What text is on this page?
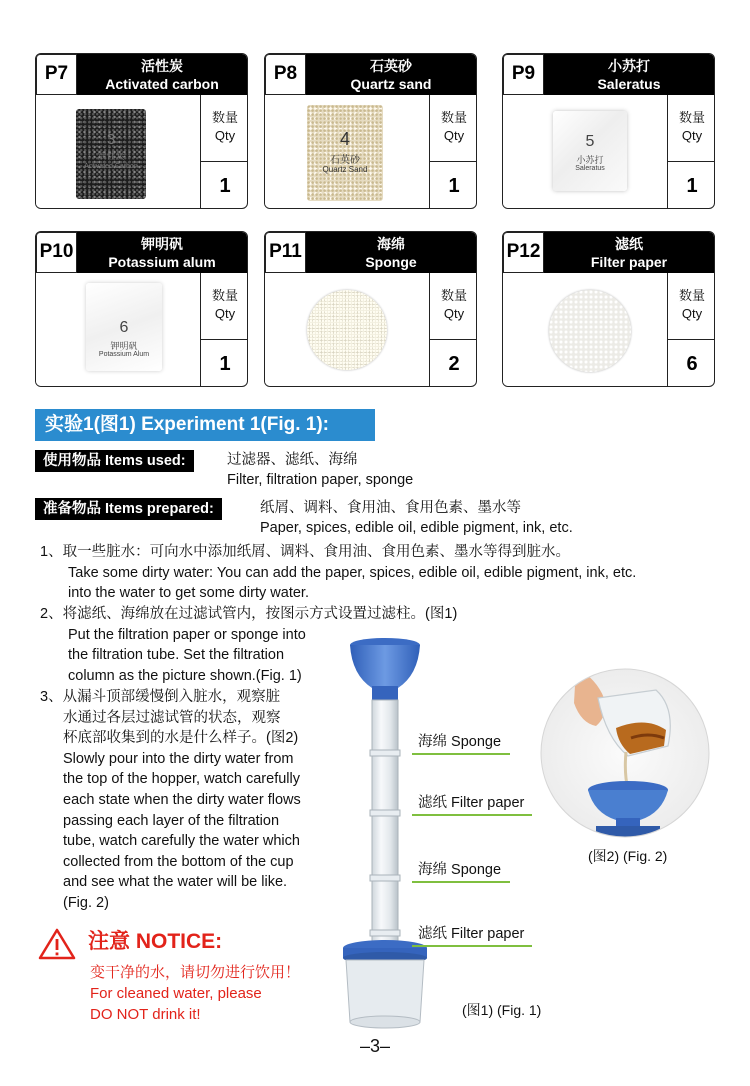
P7	活性炭
Activated carbon
3
活性炭
Activated Carbon
数量
Qty
1
P8	石英砂
Quartz sand
4
石英砂
Quartz Sand
数量
Qty
1
P9	小苏打
Saleratus
5
小苏打
Saleratus
数量
Qty
1
P10	钾明矾
Potassium alum
6
钾明矾
Potassium Alum
数量
Qty
1
P11	海绵
Sponge
数量
Qty
2
P12	滤纸
Filter paper
数量
Qty
6
实验1(图1) Experiment 1(Fig. 1):
使用物品 Items used:	过滤器、滤纸、海绵
Filter, filtration paper, sponge
准备物品 Items prepared:	纸屑、调料、食用油、食用色素、墨水等
Paper, spices, edible oil, edible pigment, ink, etc.
1、取一些脏水：可向水中添加纸屑、调料、食用油、食用色素、墨水等得到脏水。
Take some dirty water: You can add the paper, spices, edible oil, edible pigment, ink, etc.
into the water to get some dirty water.
2、将滤纸、海绵放在过滤试管内，按图示方式设置过滤柱。(图1)
Put the filtration paper or sponge into
the filtration tube. Set the filtration
column as the picture shown.(Fig. 1)
3、从漏斗顶部缓慢倒入脏水，观察脏
水通过各层过滤试管的状态，观察
杯底部收集到的水是什么样子。(图2)
Slowly pour into the dirty water from
the top of the hopper, watch carefully
each state when the dirty water flows
passing each layer of the filtration
tube, watch carefully the water which
collected from the bottom of the cup
and see what the water will be like.
(Fig. 2)
注意 NOTICE:
变干净的水，请切勿进行饮用！
For cleaned water, please
DO NOT drink it!
海绵 Sponge
滤纸 Filter paper
海绵 Sponge
滤纸 Filter paper
(图1) (Fig. 1)
(图2) (Fig. 2)
–3–
